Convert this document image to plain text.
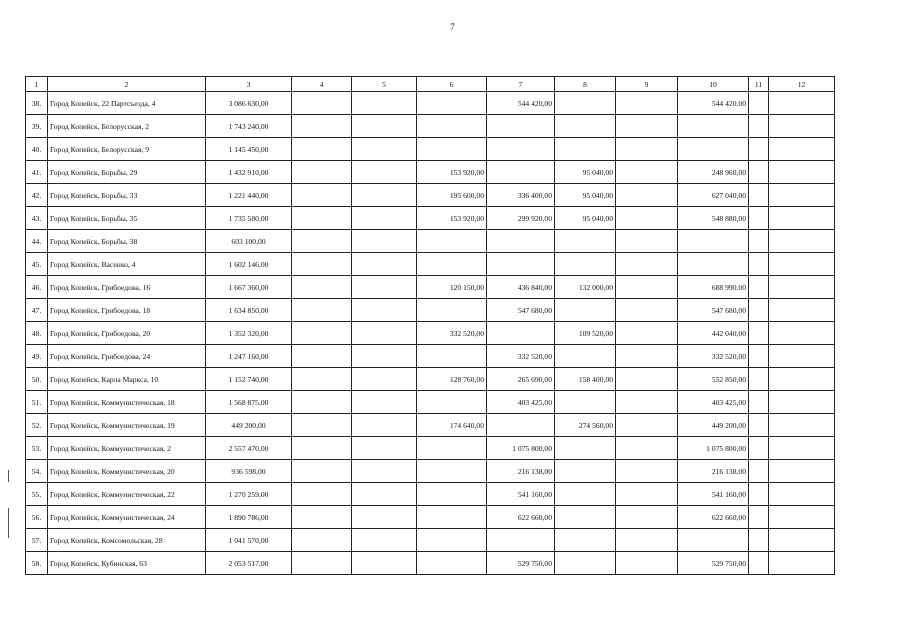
7
1	2	3	4	5	6	7	8	9	10	11	12
38.	Город Копейск, 22 Партсъезда, 4	3 086 630,00				544 420,00			544 420,00		
39.	Город Копейск, Белорусская, 2	1 743 240,00									
40.	Город Копейск, Белорусская, 9	1 145 450,00									
41.	Город Копейск, Борьбы, 29	1 432 910,00			153 920,00		95 040,00		248 960,00		
42.	Город Копейск, Борьбы, 33	1 221 440,00			195 600,00	336 400,00	95 040,00		627 040,00		
43.	Город Копейск, Борьбы, 35	1 735 580,00			153 920,00	299 920,00	95 040,00		548 880,00		
44.	Город Копейск, Борьбы, 38	603 100,00									
45.	Город Копейск, Васенко, 4	1 602 146,00									
46.	Город Копейск, Грибоедова, 16	1 667 360,00			120 150,00	436 840,00	132 000,00		688 990,00		
47.	Город Копейск, Грибоедова, 18	1 634 850,00				547 680,00			547 680,00		
48.	Город Копейск, Грибоедова, 20	1 352 320,00			332 520,00		109 520,00		442 040,00		
49.	Город Копейск, Грибоедова, 24	1 247 160,00				332 520,00			332 520,00		
50.	Город Копейск, Карла Маркса, 10	1 152 740,00			128 760,00	265 690,00	158 400,00		552 850,00		
51.	Город Копейск, Коммунистическая, 18	1 568 875,00				403 425,00			403 425,00		
52.	Город Копейск, Коммунистическая, 19	449 200,00			174 640,00		274 560,00		449 200,00		
53.	Город Копейск, Коммунистическая, 2	2 557 470,00				1 075 800,00			1 075 800,00		
54.	Город Копейск, Коммунистическая, 20	936 598,00				216 138,00			216 138,00		
55.	Город Копейск, Коммунистическая, 22	1 270 259,00				541 160,00			541 160,00		
56.	Город Копейск, Коммунистическая, 24	1 890 786,00				622 660,00			622 660,00		
57.	Город Копейск, Комсомольская, 28	1 041 570,00									
58.	Город Копейск, Кубинская, 63	2 053 517,00				529 750,00			529 750,00		
